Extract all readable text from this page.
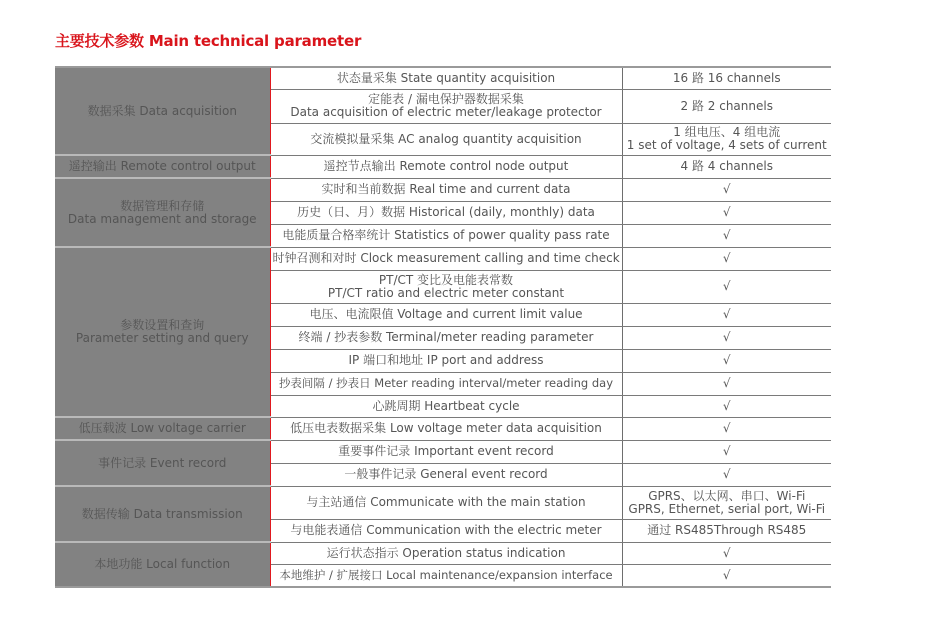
主要技术参数 Main technical parameter
数据采集 Data acquisition	状态量采集 State quantity acquisition	16 路 16 channels

	定能表 / 漏电保护器数据采集
Data acquisition of electric meter/leakage protector	2 路 2 channels

	交流模拟量采集 AC analog quantity acquisition	1 组电压、4 组电流
1 set of voltage, 4 sets of current

遥控输出 Remote control output	遥控节点输出 Remote control node output	4 路 4 channels

数据管理和存储
Data management and storage	实时和当前数据 Real time and current data	√

	历史（日、月）数据 Historical (daily, monthly) data	√

	电能质量合格率统计 Statistics of power quality pass rate	√

参数设置和查询
Parameter setting and query	时钟召测和对时 Clock measurement calling and time check	√

	PT/CT 变比及电能表常数
PT/CT ratio and electric meter constant	√

	电压、电流限值 Voltage and current limit value	√

	终端 / 抄表参数 Terminal/meter reading parameter	√

	IP 端口和地址 IP port and address	√

	抄表间隔 / 抄表日 Meter reading interval/meter reading day	√

	心跳周期 Heartbeat cycle	√

低压载波 Low voltage carrier	低压电表数据采集 Low voltage meter data acquisition	√

事件记录 Event record	重要事件记录 Important event record	√

	一般事件记录 General event record	√

数据传输 Data transmission	与主站通信 Communicate with the main station	GPRS、以太网、串口、Wi-Fi
GPRS, Ethernet, serial port, Wi-Fi

	与电能表通信 Communication with the electric meter	通过 RS485Through RS485

本地功能 Local function	运行状态指示 Operation status indication	√

	本地维护 / 扩展接口 Local maintenance/expansion interface	√
